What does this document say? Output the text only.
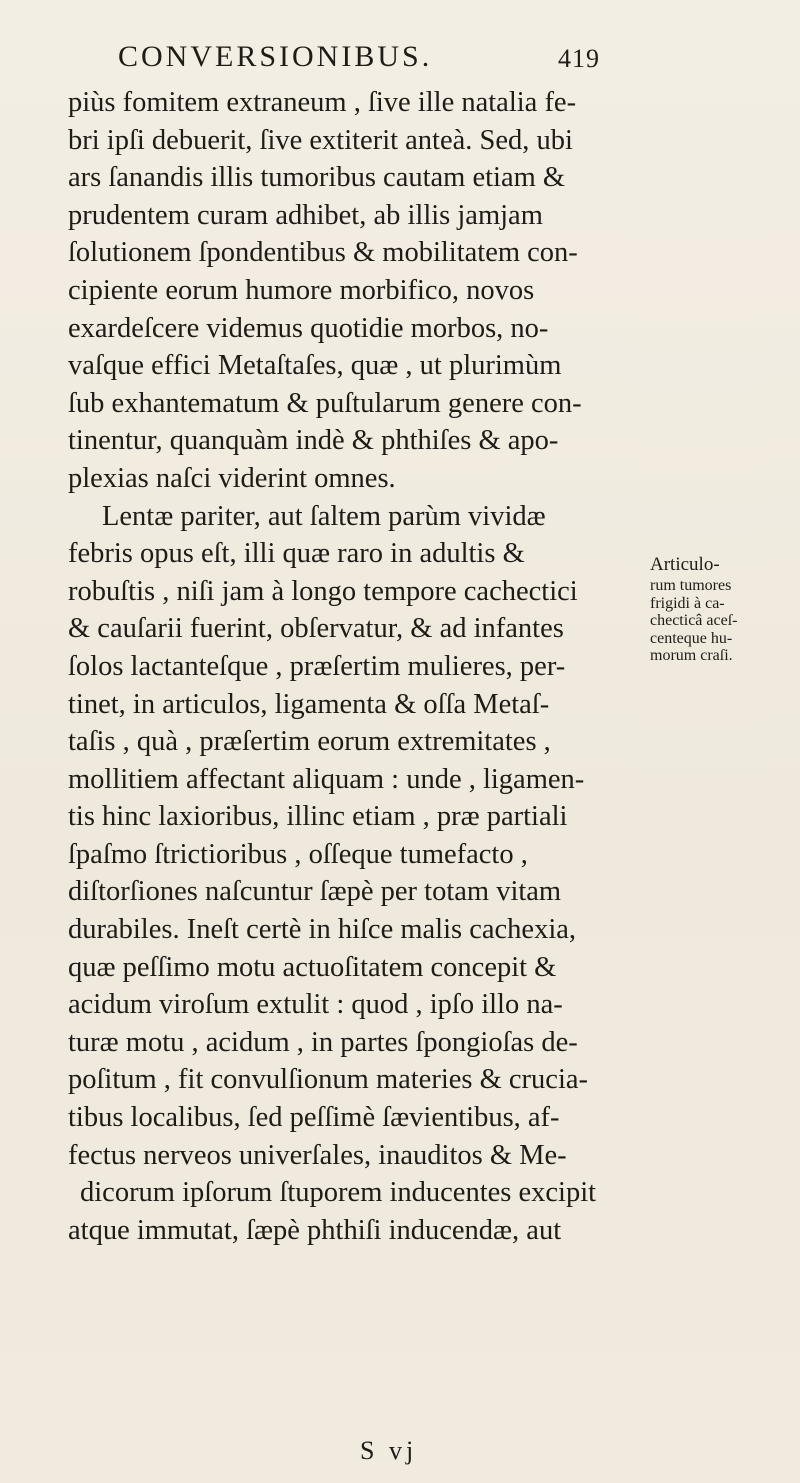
CONVERSIONIBUS.	419
piùs fomitem extraneum , ſive ille natalia fe-
bri ipſi debuerit, ſive extiterit anteà. Sed, ubi
ars ſanandis illis tumoribus cautam etiam &
prudentem curam adhibet, ab illis jamjam
ſolutionem ſpondentibus & mobilitatem con-
cipiente eorum humore morbifico, novos
exardeſcere videmus quotidie morbos, no-
vaſque effici Metaſtaſes, quæ , ut plurimùm
ſub exhantematum & puſtularum genere con-
tinentur, quanquàm indè & phthiſes & apo-
plexias naſci viderint omnes.
Lentæ pariter, aut ſaltem parùm vividæ
febris opus eſt, illi quæ raro in adultis &
robuſtis , niſi jam à longo tempore cachectici
& cauſarii fuerint, obſervatur, & ad infantes
ſolos lactanteſque , præſertim mulieres, per-
tinet, in articulos, ligamenta & oſſa Metaſ-
taſis , quà , præſertim eorum extremitates ,
mollitiem affectant aliquam : unde , ligamen-
tis hinc laxioribus, illinc etiam , præ partiali
ſpaſmo ſtrictioribus , oſſeque tumefacto ,
diſtorſiones naſcuntur ſæpè per totam vitam
durabiles. Ineſt certè in hiſce malis cachexia,
quæ peſſimo motu actuoſitatem concepit &
acidum viroſum extulit : quod , ipſo illo na-
turæ motu , acidum , in partes ſpongioſas de-
poſitum , fit convulſionum materies & crucia-
tibus localibus, ſed peſſimè ſævientibus, af-
fectus nerveos univerſales, inauditos & Me-
dicorum ipſorum ſtuporem inducentes excipit
atque immutat, ſæpè phthiſi inducendæ, aut
Articulo-
rum tumores
frigidi à ca-
checticâ aceſ-
centeque hu-
morum craſi.
S vj
